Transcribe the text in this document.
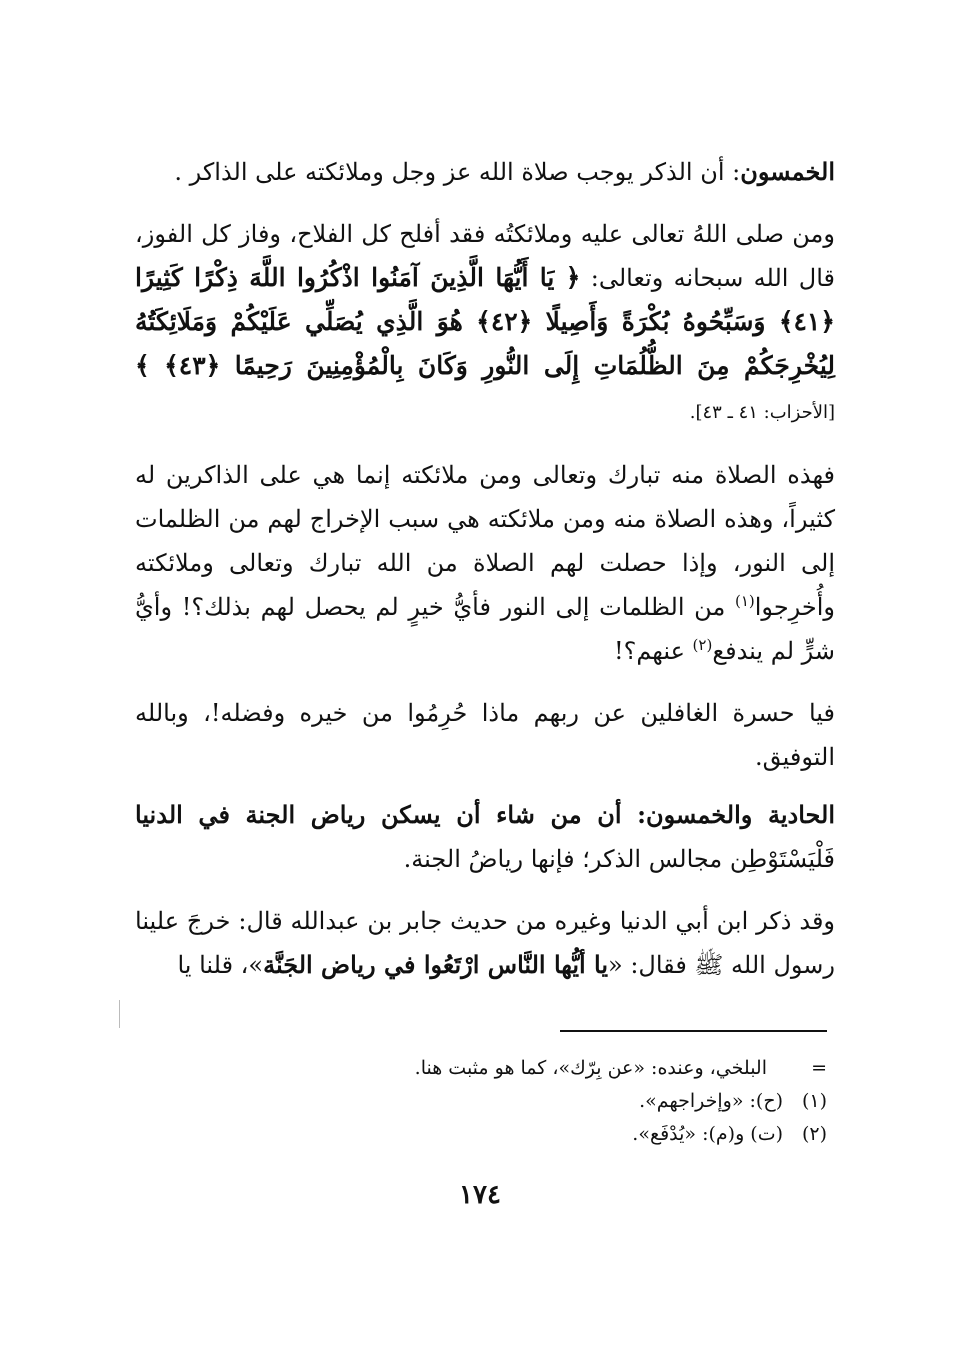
الخمسون: أن الذكر يوجب صلاة الله عز وجل وملائكته على الذاكر .

ومن صلى اللهُ تعالى عليه وملائكتُه فقد أفلح كل الفلاح، وفاز كل الفوز، قال الله سبحانه وتعالى: ﴿ يَا أَيُّهَا الَّذِينَ آمَنُوا اذْكُرُوا اللَّهَ ذِكْرًا كَثِيرًا ﴿٤١﴾ وَسَبِّحُوهُ بُكْرَةً وَأَصِيلًا ﴿٤٢﴾ هُوَ الَّذِي يُصَلِّي عَلَيْكُمْ وَمَلَائِكَتُهُ لِيُخْرِجَكُمْ مِنَ الظُّلُمَاتِ إِلَى النُّورِ وَكَانَ بِالْمُؤْمِنِينَ رَحِيمًا ﴿٤٣﴾ ﴾ [الأحزاب: ٤١ ـ ٤٣].

فهذه الصلاة منه تبارك وتعالى ومن ملائكته إنما هي على الذاكرين له كثيراً، وهذه الصلاة منه ومن ملائكته هي سبب الإخراج لهم من الظلمات إلى النور، وإذا حصلت لهم الصلاة من الله تبارك وتعالى وملائكته وأُخرِجوا$^{(١)}$ من الظلمات إلى النور فأيُّ خيرٍ لم يحصل لهم بذلك؟! وأيُّ شرٍّ لم يندفع$^{(٢)}$ عنهم؟!

فيا حسرة الغافلين عن ربهم ماذا حُرِمُوا من خيره وفضله!، وبالله التوفيق.

الحادية والخمسون: أن من شاء أن يسكن رياض الجنة في الدنيا فَلْيَسْتَوْطِن مجالس الذكر؛ فإنها رياضُ الجنة.

وقد ذكر ابن أبي الدنيا وغيره من حديث جابر بن عبدالله قال: خرجَ علينا رسول الله ﷺ فقال: «يا أيُّها النَّاس ارْتَعُوا في رياض الجَنَّة»، قلنا يا

=البلخي، وعنده: «عن بِرّك»، كما هو مثبت هنا.
(١)(ح): «وإخراجهم».
(٢)(ت) و(م): «يُدْفَع».
١٧٤
